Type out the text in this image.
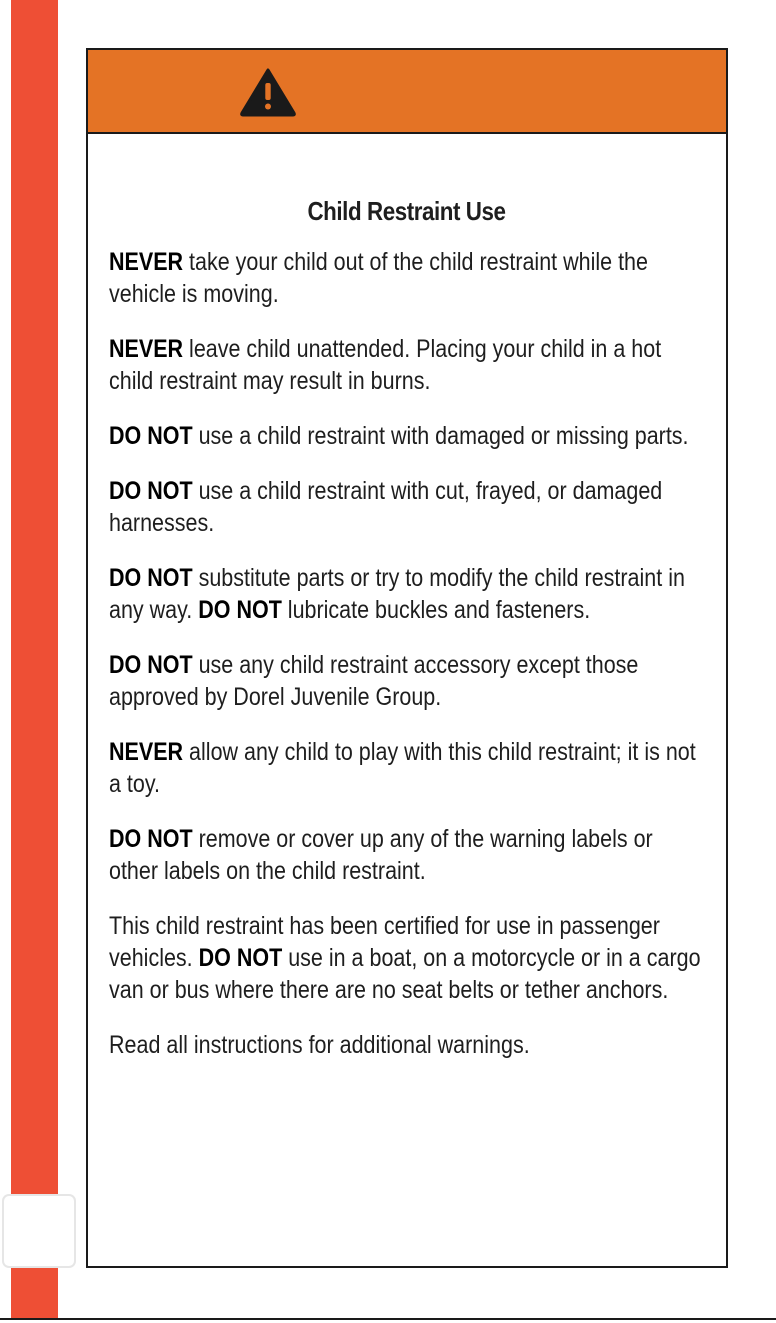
Child Restraint Use

NEVER take your child out of the child restraint while the vehicle is moving.

NEVER leave child unattended. Placing your child in a hot child restraint may result in burns.

DO NOT use a child restraint with damaged or missing parts.

DO NOT use a child restraint with cut, frayed, or damaged harnesses.

DO NOT substitute parts or try to modify the child restraint in any way. DO NOT lubricate buckles and fasteners.

DO NOT use any child restraint accessory except those approved by Dorel Juvenile Group.

NEVER allow any child to play with this child restraint; it is not a toy.

DO NOT remove or cover up any of the warning labels or other labels on the child restraint.

This child restraint has been certified for use in passenger vehicles. DO NOT use in a boat, on a motorcycle or in a cargo van or bus where there are no seat belts or tether anchors.

Read all instructions for additional warnings.
